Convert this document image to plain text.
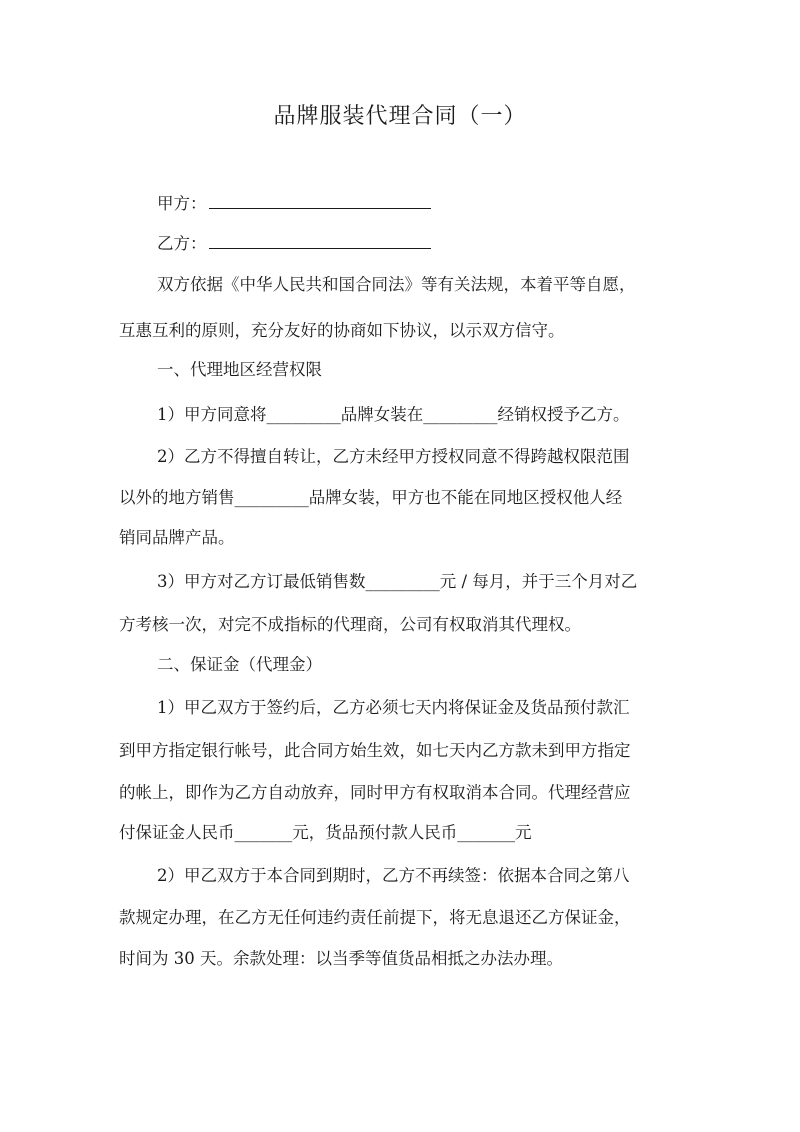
品牌服装代理合同（一）
甲方：
乙方：
双方依据《中华人民共和国合同法》等有关法规，本着平等自愿，
互惠互利的原则，充分友好的协商如下协议，以示双方信守。
一、代理地区经营权限
1）甲方同意将_________品牌女装在_________经销权授予乙方。
2）乙方不得擅自转让，乙方未经甲方授权同意不得跨越权限范围
以外的地方销售_________品牌女装，甲方也不能在同地区授权他人经
销同品牌产品。
3）甲方对乙方订最低销售数_________元 / 每月，并于三个月对乙
方考核一次，对完不成指标的代理商，公司有权取消其代理权。
二、保证金（代理金）
1）甲乙双方于签约后，乙方必须七天内将保证金及货品预付款汇
到甲方指定银行帐号，此合同方始生效，如七天内乙方款未到甲方指定
的帐上，即作为乙方自动放弃，同时甲方有权取消本合同。代理经营应
付保证金人民币_______元，货品预付款人民币_______元
2）甲乙双方于本合同到期时，乙方不再续签：依据本合同之第八
款规定办理，在乙方无任何违约责任前提下，将无息退还乙方保证金，
时间为 30 天。余款处理：以当季等值货品相抵之办法办理。
